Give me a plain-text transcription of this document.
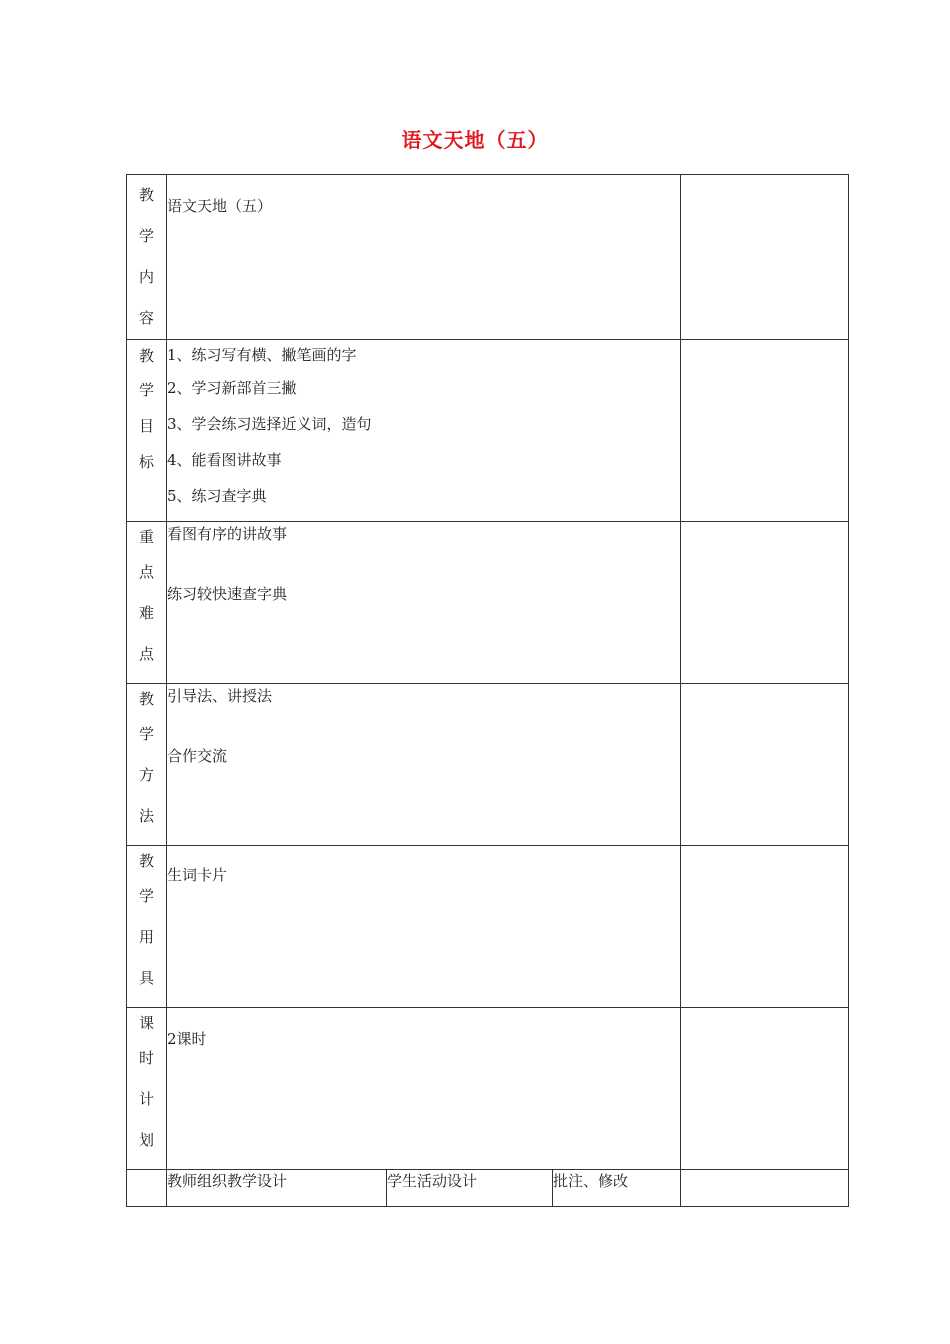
语文天地（五）
教
学
内
容	语文天地（五）			

教
学
目
标	1、练习写有横、撇笔画的字
2、学习新部首三撇
3、学会练习选择近义词，造句
4、能看图讲故事
5、练习查字典			

重
点
难
点	看图有序的讲故事
练习较快速查字典			

教
学
方
法	引导法、讲授法
合作交流			

教
学
用
具	生词卡片			

课
时
计
划	2课时			

	教师组织教学设计	学生活动设计	批注、修改	
